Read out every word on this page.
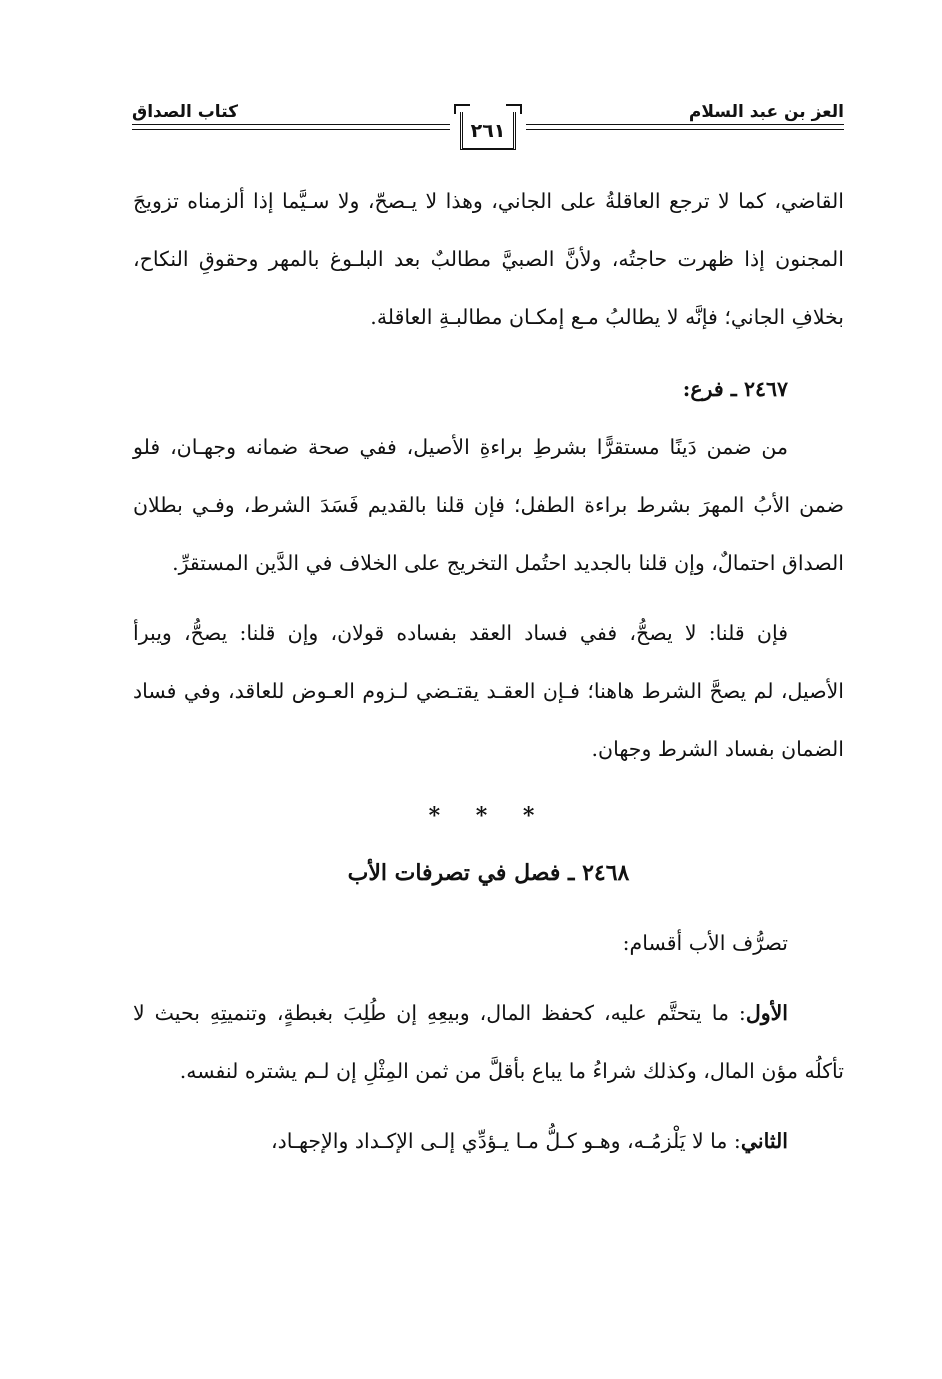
العز بن عبد السلام
كتاب الصداق
٢٦١

القاضي، كما لا ترجع العاقلةُ على الجاني، وهذا لا يـصحّ، ولا سـيَّما إذا ألزمناه تزويجَ المجنون إذا ظهرت حاجتُه، ولأنَّ الصبيَّ مطالبٌ بعد البلـوغ بالمهر وحقوقِ النكاح، بخلافِ الجاني؛ فإنَّه لا يطالبُ مـع إمكـان مطالبـةِ العاقلة.

٢٤٦٧ ـ فرع:

من ضمن دَينًا مستقرًّا بشرطِ براءةِ الأصيل، ففي صحة ضمانه وجهـان، فلو ضمن الأبُ المهرَ بشرط براءة الطفل؛ فإن قلنا بالقديم فَسَدَ الشرط، وفـي بطلان الصداق احتمالٌ، وإن قلنا بالجديد احتُمل التخريج على الخلاف في الدَّين المستقرِّ.

فإن قلنا: لا يصحُّ، ففي فساد العقد بفساده قولان، وإن قلنا: يصحُّ، ويبرأ الأصيل، لم يصحَّ الشرط هاهنا؛ فـإن العقـد يقتـضي لـزوم العـوض للعاقد، وفي فساد الضمان بفساد الشرط وجهان.

* * *
٢٤٦٨ ـ فصل في تصرفات الأب

تصرُّف الأب أقسام:

الأول: ما يتحتَّم عليه، كحفظ المال، وبيعِهِ إن طُلِبَ بغبطةٍ، وتنميتِهِ بحيث لا تأكلُه مؤن المال، وكذلك شراءُ ما يباع بأقلَّ من ثمن المِثْلِ إن لـم يشتره لنفسه.

الثاني: ما لا يَلْزمُـه، وهـو كـلُّ مـا يـؤدِّي إلـى الإكـداد والإجهـاد،
